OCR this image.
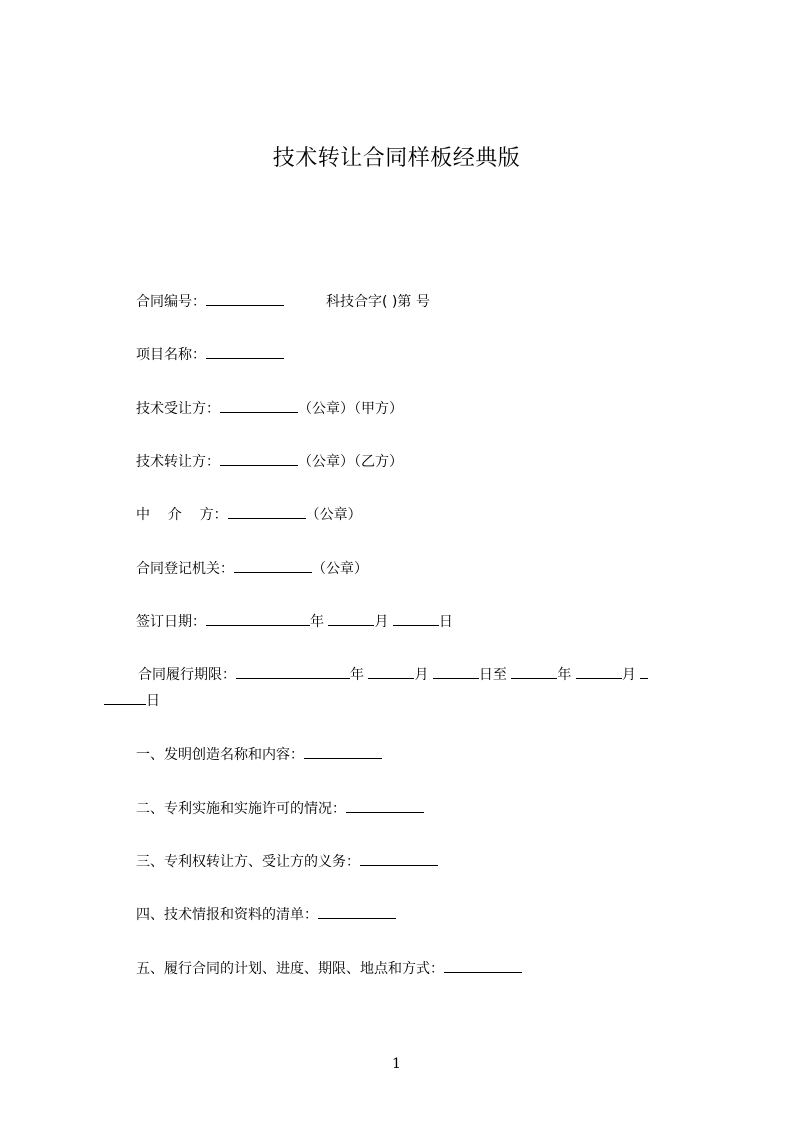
技术转让合同样板经典版
合同编号：	科技合字( )第 号
项目名称：
技术受让方：	（公章）（甲方）
技术转让方：	（公章）（乙方）
中    介    方：	（公章）
合同登记机关：	（公章）
签订日期：	年	月	日
合同履行期限：	年	月	日至	年	月
日
一、发明创造名称和内容：
二、专利实施和实施许可的情况：
三、专利权转让方、受让方的义务：
四、技术情报和资料的清单：
五、履行合同的计划、进度、期限、地点和方式：
1
